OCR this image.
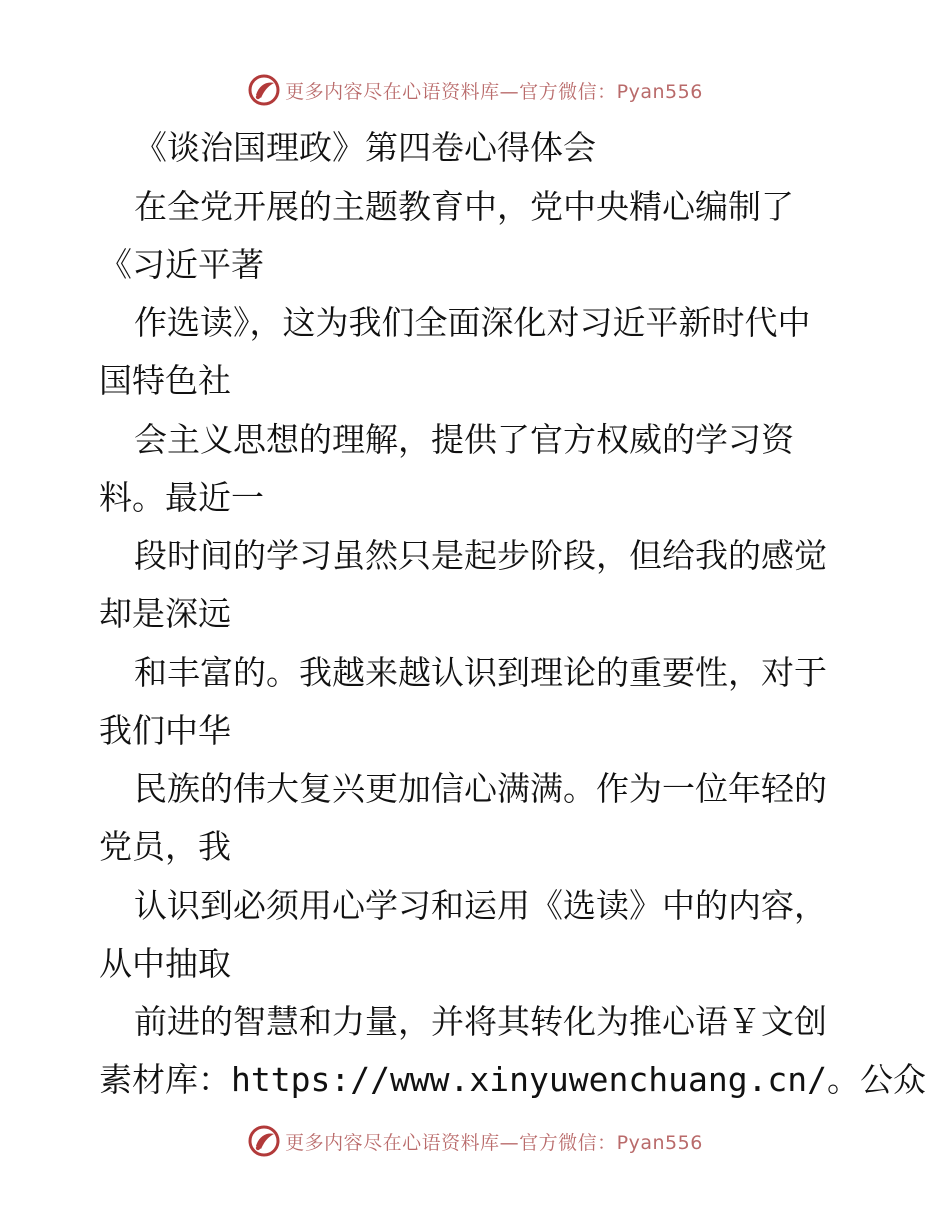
更多内容尽在心语资料库—官方微信：Pyan556
《谈治国理政》第四卷心得体会
在全党开展的主题教育中，党中央精心编制了
《习近平著
作选读》，这为我们全面深化对习近平新时代中
国特色社
会主义思想的理解，提供了官方权威的学习资
料。最近一
段时间的学习虽然只是起步阶段，但给我的感觉
却是深远
和丰富的。我越来越认识到理论的重要性，对于
我们中华
民族的伟大复兴更加信心满满。作为一位年轻的
党员，我
认识到必须用心学习和运用《选读》中的内容，
从中抽取
前进的智慧和力量，并将其转化为推心语￥文创
素材库：https://www.xinyuwenchuang.cn/。公众
更多内容尽在心语资料库—官方微信：Pyan556
